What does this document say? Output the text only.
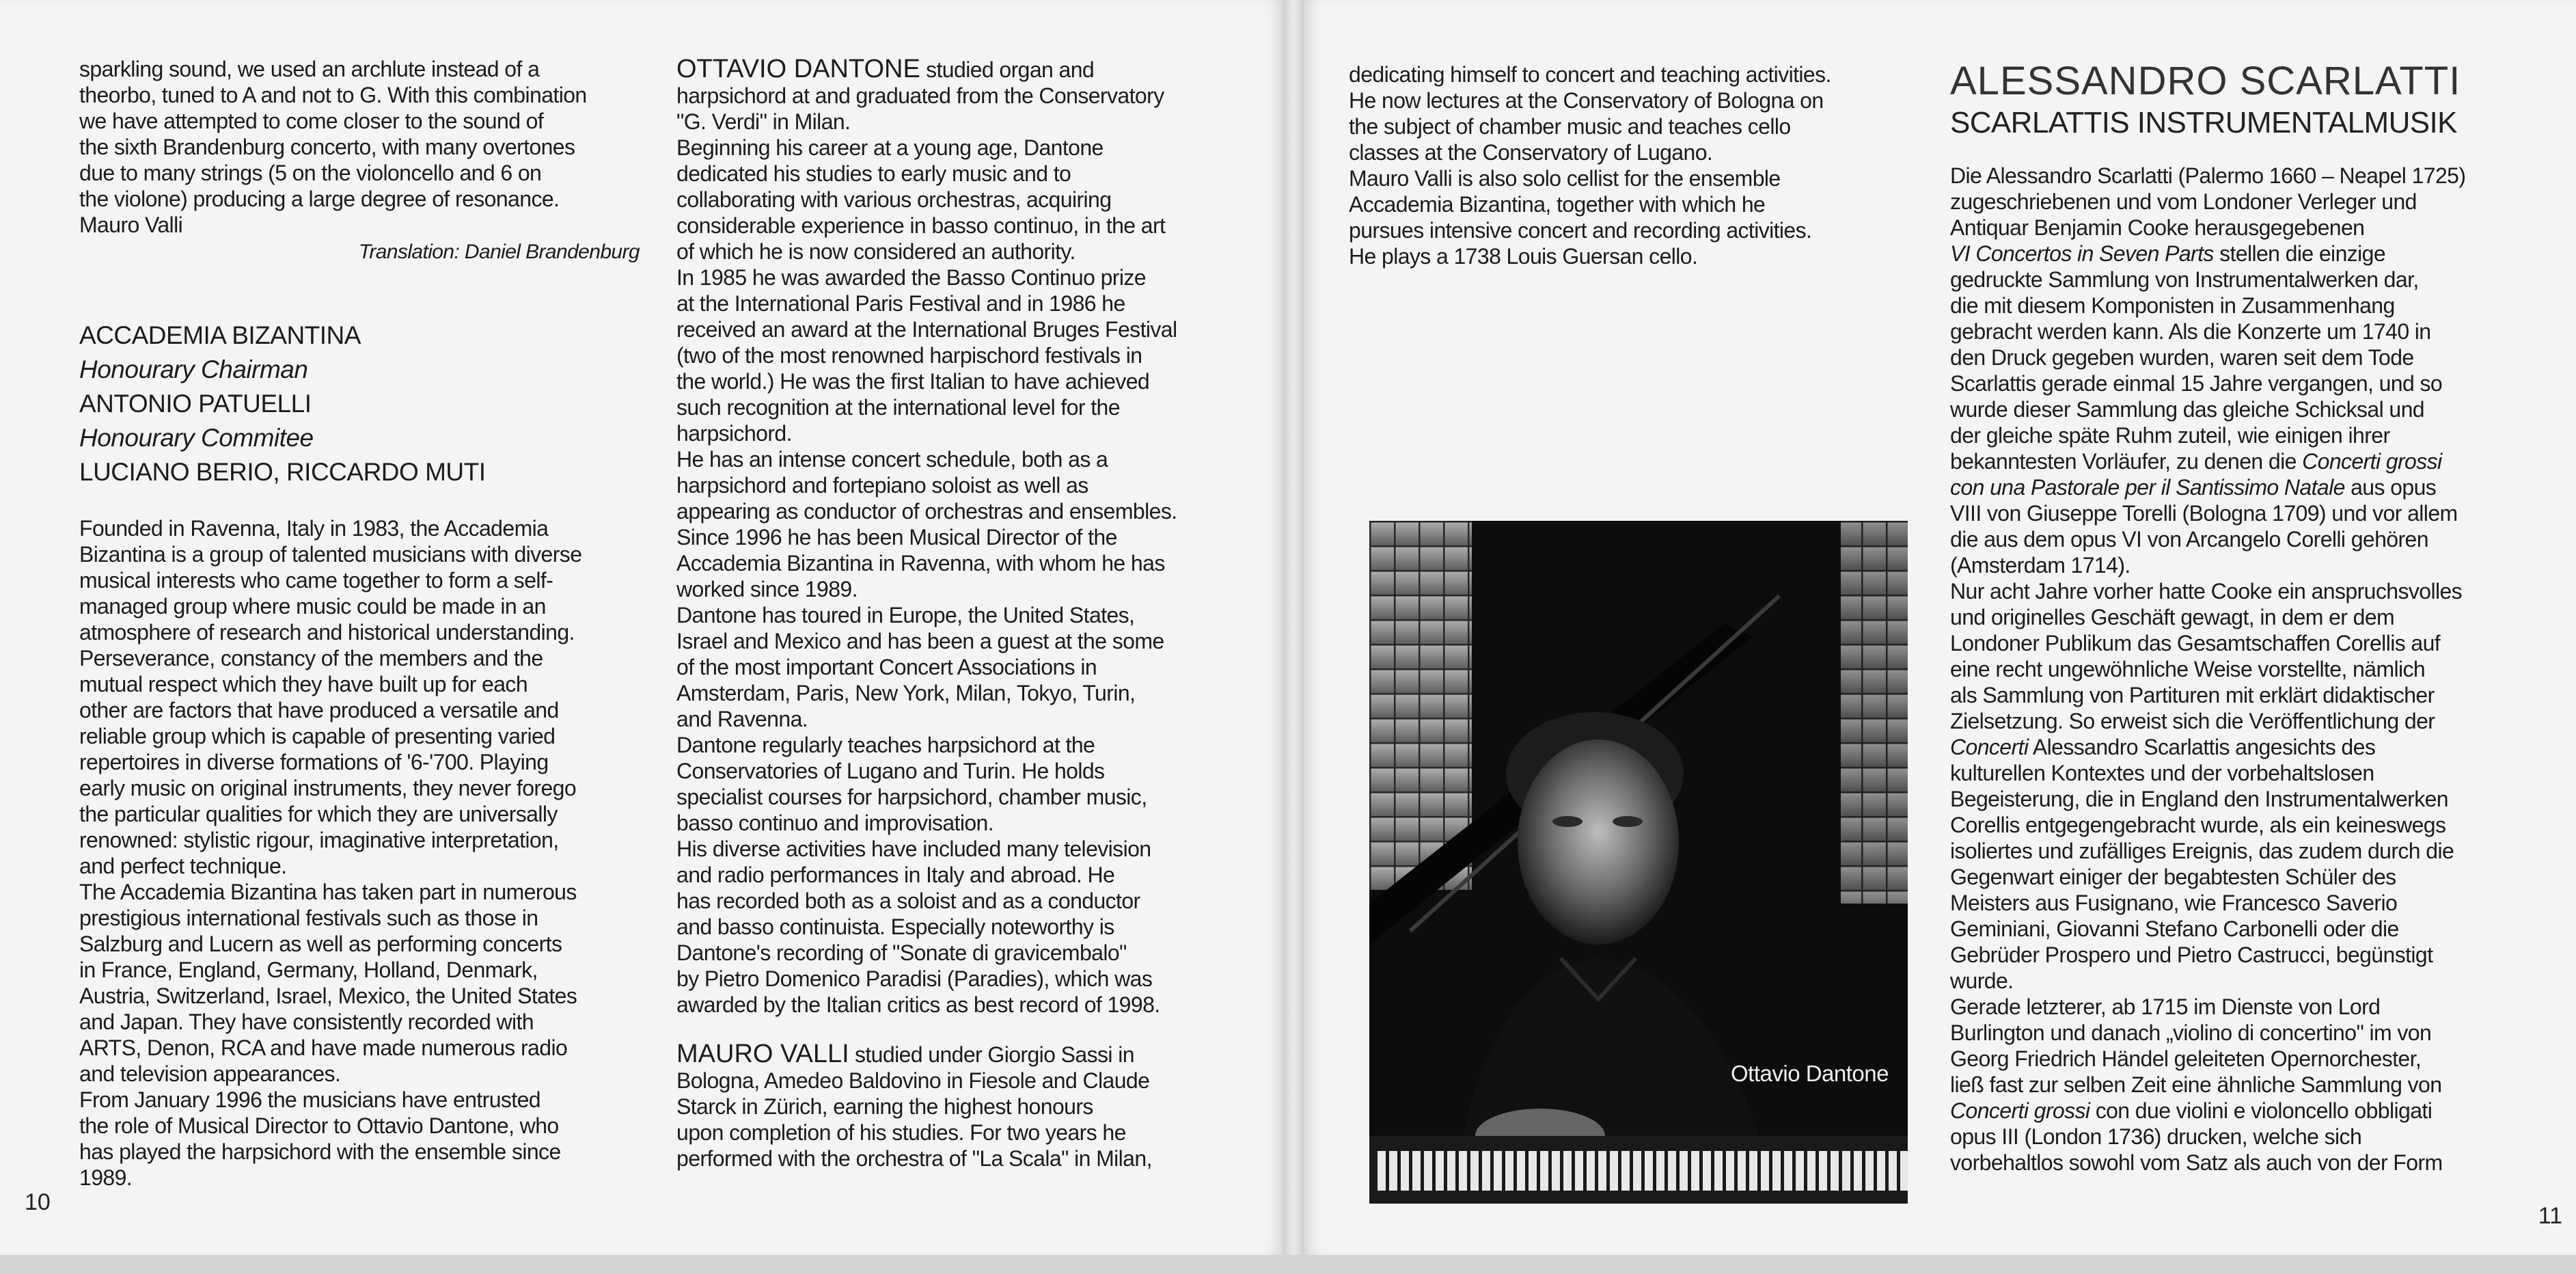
sparkling sound, we used an archlute instead of a

theorbo, tuned to A and not to G. With this combination

we have attempted to come closer to the sound of

the sixth Brandenburg concerto, with many overtones

due to many strings (5 on the violoncello and 6 on

the violone) producing a large degree of resonance.

Mauro Valli

Translation: Daniel Brandenburg

ACCADEMIA BIZANTINA

Honourary Chairman

ANTONIO PATUELLI

Honourary Commitee

LUCIANO BERIO, RICCARDO MUTI

Founded in Ravenna, Italy in 1983, the Accademia

Bizantina is a group of talented musicians with diverse

musical interests who came together to form a self-

managed group where music could be made in an

atmosphere of research and historical understanding.

Perseverance, constancy of the members and the

mutual respect which they have built up for each

other are factors that have produced a versatile and

reliable group which is capable of presenting varied

repertoires in diverse formations of '6-'700. Playing

early music on original instruments, they never forego

the particular qualities for which they are universally

renowned: stylistic rigour, imaginative interpretation,

and perfect technique.

The Accademia Bizantina has taken part in numerous

prestigious international festivals such as those in

Salzburg and Lucern as well as performing concerts

in France, England, Germany, Holland, Denmark,

Austria, Switzerland, Israel, Mexico, the United States

and Japan. They have consistently recorded with

ARTS, Denon, RCA and have made numerous radio

and television appearances.

From January 1996 the musicians have entrusted

the role of Musical Director to Ottavio Dantone, who

has played the harpsichord with the ensemble since

1989.

10

OTTAVIO DANTONE studied organ and

harpsichord at and graduated from the Conservatory

"G. Verdi" in Milan.

Beginning his career at a young age, Dantone

dedicated his studies to early music and to

collaborating with various orchestras, acquiring

considerable experience in basso continuo, in the art

of which he is now considered an authority.

In 1985 he was awarded the Basso Continuo prize

at the International Paris Festival and in 1986 he

received an award at the International Bruges Festival

(two of the most renowned harpischord festivals in

the world.) He was the first Italian to have achieved

such recognition at the international level for the

harpsichord.

He has an intense concert schedule, both as a

harpsichord and fortepiano soloist as well as

appearing as conductor of orchestras and ensembles.

Since 1996 he has been Musical Director of the

Accademia Bizantina in Ravenna, with whom he has

worked since 1989.

Dantone has toured in Europe, the United States,

Israel and Mexico and has been a guest at the some

of the most important Concert Associations in

Amsterdam, Paris, New York, Milan, Tokyo, Turin,

and Ravenna.

Dantone regularly teaches harpsichord at the

Conservatories of Lugano and Turin. He holds

specialist courses for harpsichord, chamber music,

basso continuo and improvisation.

His diverse activities have included many television

and radio performances in Italy and abroad. He

has recorded both as a soloist and as a conductor

and basso continuista. Especially noteworthy is

Dantone's recording of "Sonate di gravicembalo"

by Pietro Domenico Paradisi (Paradies), which was

awarded by the Italian critics as best record of 1998.

MAURO VALLI studied under Giorgio Sassi in

Bologna, Amedeo Baldovino in Fiesole and Claude

Starck in Zürich, earning the highest honours

upon completion of his studies. For two years he

performed with the orchestra of "La Scala" in Milan,

dedicating himself to concert and teaching activities.

He now lectures at the Conservatory of Bologna on

the subject of chamber music and teaches cello

classes at the Conservatory of Lugano.

Mauro Valli is also solo cellist for the ensemble

Accademia Bizantina, together with which he

pursues intensive concert and recording activities.

He plays a 1738 Louis Guersan cello.

Ottavio Dantone
ALESSANDRO SCARLATTI
SCARLATTIS INSTRUMENTALMUSIK

Die Alessandro Scarlatti (Palermo 1660 – Neapel 1725)

zugeschriebenen und vom Londoner Verleger und

Antiquar Benjamin Cooke herausgegebenen

VI Concertos in Seven Parts stellen die einzige

gedruckte Sammlung von Instrumentalwerken dar,

die mit diesem Komponisten in Zusammenhang

gebracht werden kann. Als die Konzerte um 1740 in

den Druck gegeben wurden, waren seit dem Tode

Scarlattis gerade einmal 15 Jahre vergangen, und so

wurde dieser Sammlung das gleiche Schicksal und

der gleiche späte Ruhm zuteil, wie einigen ihrer

bekanntesten Vorläufer, zu denen die Concerti grossi

con una Pastorale per il Santissimo Natale aus opus

VIII von Giuseppe Torelli (Bologna 1709) und vor allem

die aus dem opus VI von Arcangelo Corelli gehören

(Amsterdam 1714).

Nur acht Jahre vorher hatte Cooke ein anspruchsvolles

und originelles Geschäft gewagt, in dem er dem

Londoner Publikum das Gesamtschaffen Corellis auf

eine recht ungewöhnliche Weise vorstellte, nämlich

als Sammlung von Partituren mit erklärt didaktischer

Zielsetzung. So erweist sich die Veröffentlichung der

Concerti Alessandro Scarlattis angesichts des

kulturellen Kontextes und der vorbehaltslosen

Begeisterung, die in England den Instrumentalwerken

Corellis entgegengebracht wurde, als ein keineswegs

isoliertes und zufälliges Ereignis, das zudem durch die

Gegenwart einiger der begabtesten Schüler des

Meisters aus Fusignano, wie Francesco Saverio

Geminiani, Giovanni Stefano Carbonelli oder die

Gebrüder Prospero und Pietro Castrucci, begünstigt

wurde.

Gerade letzterer, ab 1715 im Dienste von Lord

Burlington und danach „violino di concertino" im von

Georg Friedrich Händel geleiteten Opernorchester,

ließ fast zur selben Zeit eine ähnliche Sammlung von

Concerti grossi con due violini e violoncello obbligati

opus III (London 1736) drucken, welche sich

vorbehaltlos sowohl vom Satz als auch von der Form

11
